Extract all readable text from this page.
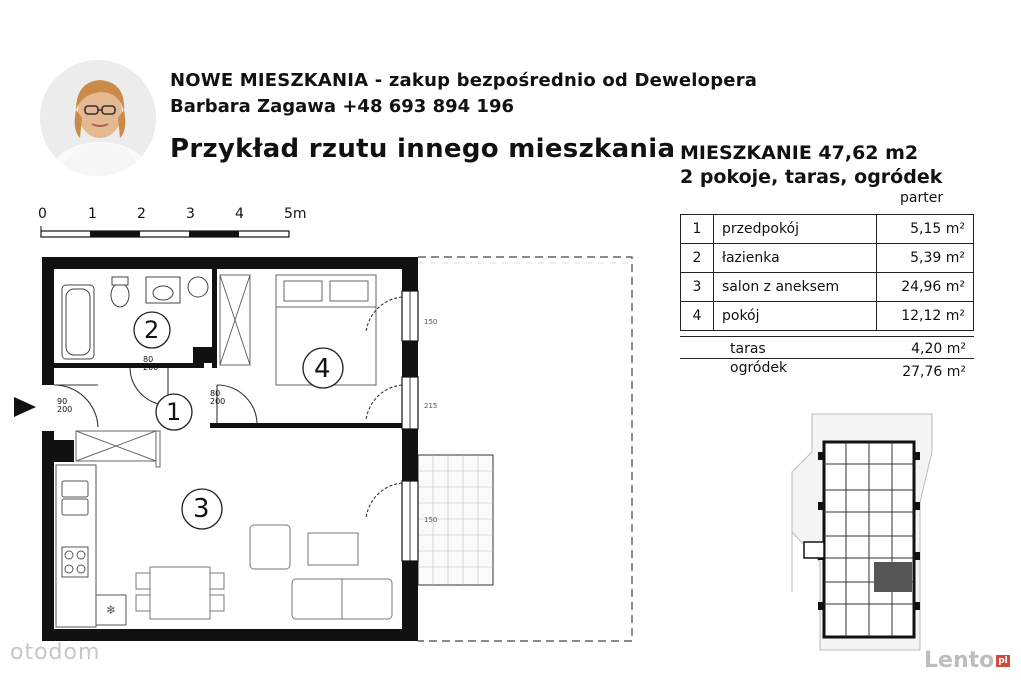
NOWE MIESZKANIA - zakup bezpośrednio od Dewelopera
Barbara Zagawa +48 693 894 196
Przykład rzutu innego mieszkania MIESZKANIE 47,62 m2
2 pokoje, taras, ogródek
parter
1	przedpokój	5,15 m²
2	łazienka	5,39 m²
3	salon z aneksem	24,96 m²
4	pokój	12,12 m²
taras	4,20 m²
ogródek	27,76 m²
0	1	2	3	4	5m
❄
1
2
3
4
80
200
80
200
90
200
150
215
150
otodom	Lento pl
